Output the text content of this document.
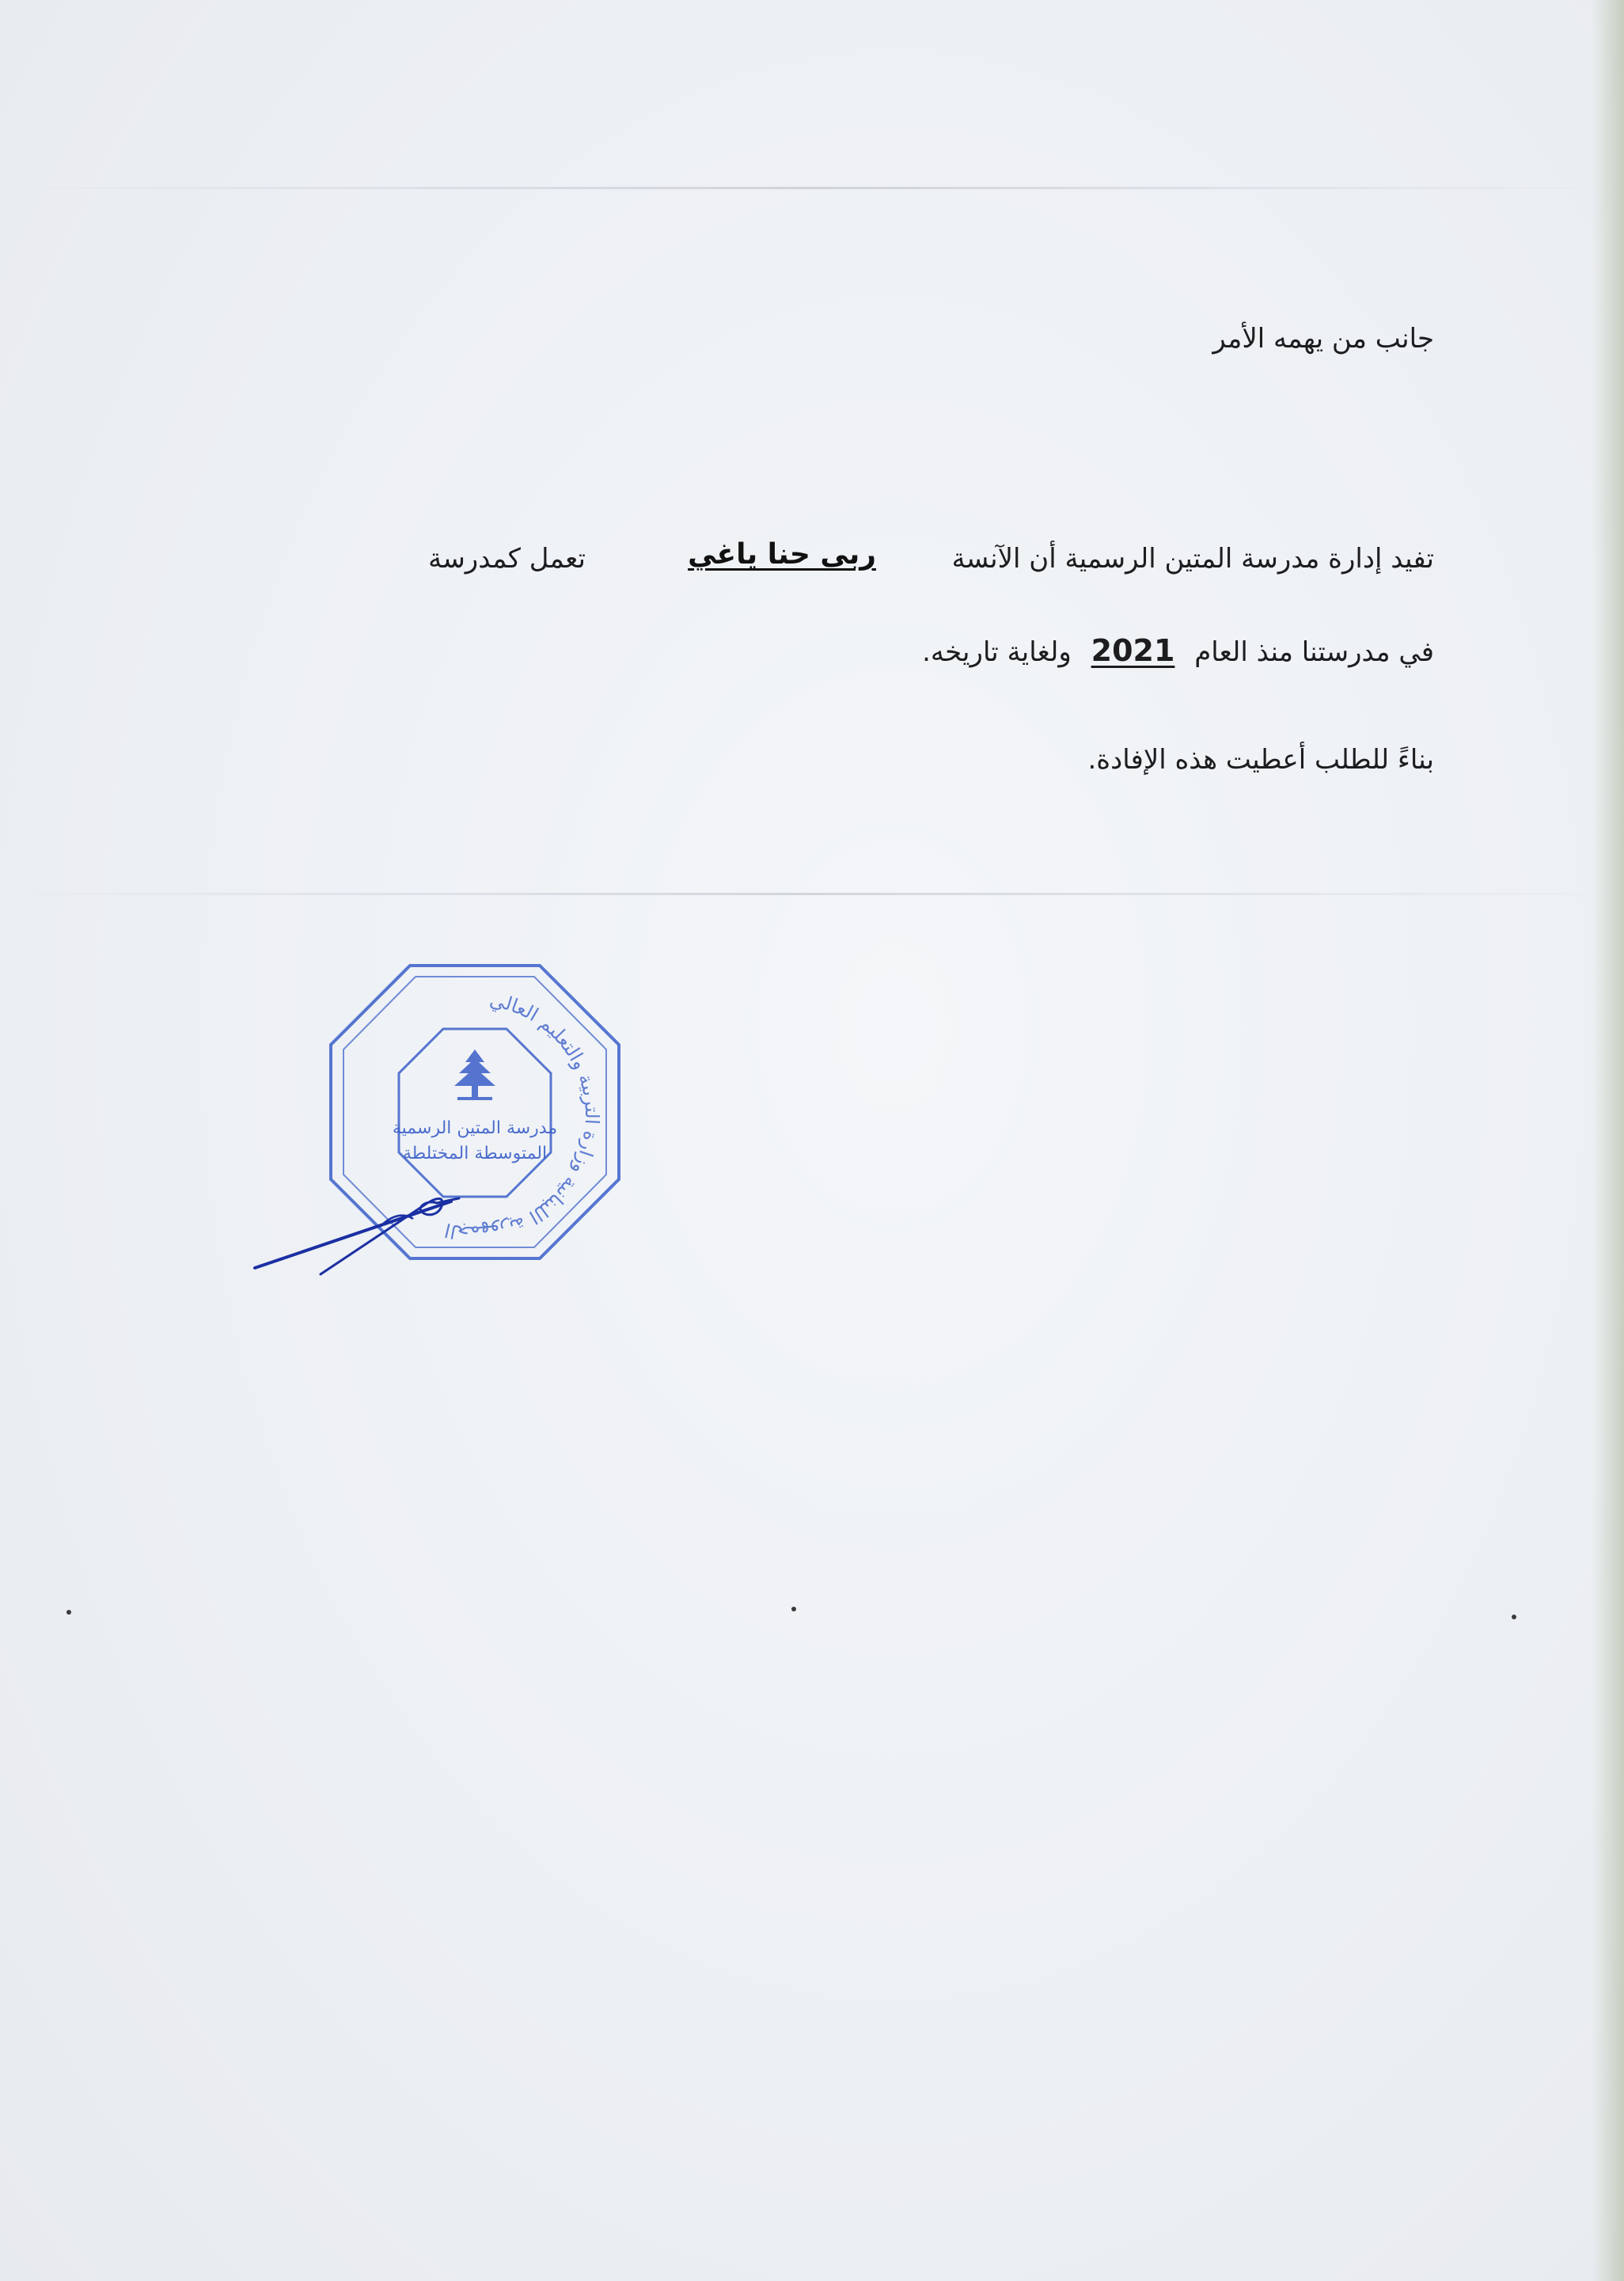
جانب من يهمه الأمر
تفيد إدارة مدرسة المتين الرسمية أن الآنسة
ربى حنا ياغي
تعمل كمدرسة
في مدرستنا منذ العام 2021 ولغاية تاريخه.
بناءً للطلب أعطيت هذه الإفادة.
الجمهورية اللبنانية وزارة التربية والتعليم العالي
مدرسة المتين الرسمية
المتوسطة المختلطة
